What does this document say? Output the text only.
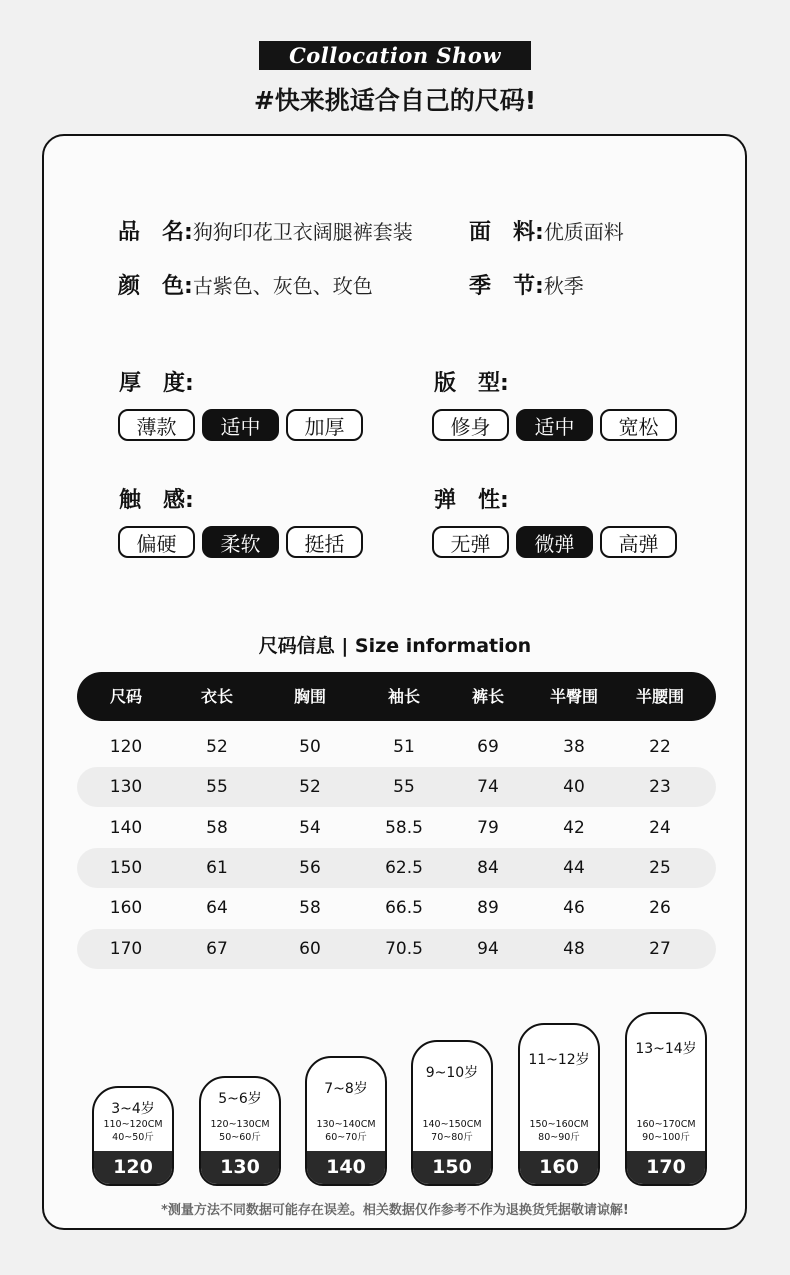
Collocation Show
#快来挑适合自己的尺码!
品　名:狗狗印花卫衣阔腿裤套装	面　料:优质面料
颜　色:古紫色、灰色、玫色	季　节:秋季
厚　度:
薄款	适中	加厚
版　型:
修身	适中	宽松
触　感:
偏硬	柔软	挺括
弹　性:
无弹	微弹	高弹
尺码信息 | Size information
尺码	衣长	胸围	袖长	裤长	半臀围	半腰围
120	52	50	51	69	38	22
130	55	52	55	74	40	23
140	58	54	58.5	79	42	24
150	61	56	62.5	84	44	25
160	64	58	66.5	89	46	26
170	67	60	70.5	94	48	27
3~4岁
110~120CM
40~50斤
120
5~6岁
120~130CM
50~60斤
130
7~8岁
130~140CM
60~70斤
140
9~10岁
140~150CM
70~80斤
150
11~12岁
150~160CM
80~90斤
160
13~14岁
160~170CM
90~100斤
170
*测量方法不同数据可能存在误差。相关数据仅作参考不作为退换货凭据敬请谅解!
